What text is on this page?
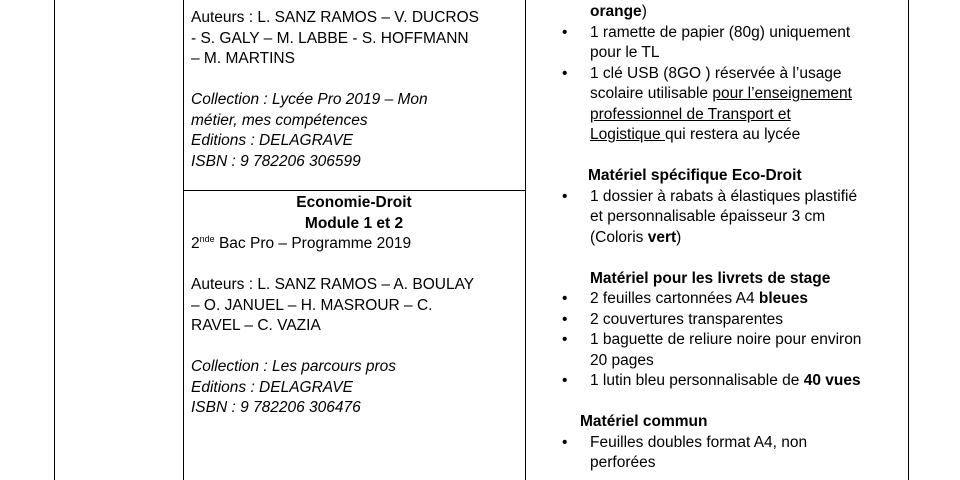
Auteurs : L. SANZ RAMOS – V. DUCROS
- S. GALY – M. LABBE - S. HOFFMANN
– M. MARTINS
Collection : Lycée Pro 2019 – Mon
métier, mes compétences
Editions : DELAGRAVE
ISBN : 9 782206 306599
Economie-Droit
Module 1 et 2
2nde Bac Pro – Programme 2019
Auteurs : L. SANZ RAMOS – A. BOULAY
– O. JANUEL – H. MASROUR – C.
RAVEL – C. VAZIA
Collection : Les parcours pros
Editions : DELAGRAVE
ISBN : 9 782206 306476
orange)
• 1 ramette de papier (80g) uniquement
pour le TL
• 1 clé USB (8GO ) réservée à l’usage
scolaire utilisable pour l’enseignement
professionnel de Transport et
Logistique qui restera au lycée
Matériel spécifique Eco-Droit
• 1 dossier à rabats à élastiques plastifié
et personnalisable épaisseur 3 cm
(Coloris vert)
Matériel pour les livrets de stage
• 2 feuilles cartonnées A4 bleues
• 2 couvertures transparentes
• 1 baguette de reliure noire pour environ
20 pages
• 1 lutin bleu personnalisable de 40 vues
Matériel commun
• Feuilles doubles format A4, non
perforées
